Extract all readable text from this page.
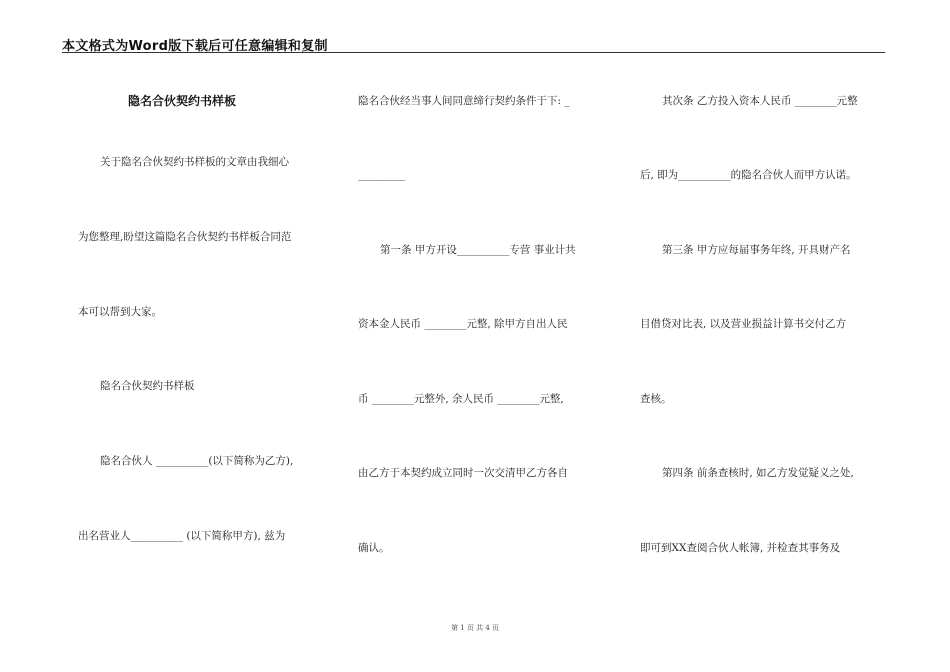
本文格式为Word版下载后可任意编辑和复制
隐名合伙契约书样板
关于隐名合伙契约书样板的文章由我细心
为您整理,盼望这篇隐名合伙契约书样板合同范
本可以帮到大家。
隐名合伙契约书样板
隐名合伙人 __________(以下简称为乙方),
出名营业人__________ (以下简称甲方), 兹为
隐名合伙经当事人间同意缔行契约条件于下: _
_________
第一条 甲方开设__________专营 事业计共
资本金人民币 ________元整, 除甲方自出人民
币 ________元整外, 余人民币 ________元整,
由乙方于本契约成立同时一次交清甲乙方各自
确认。
其次条 乙方投入资本人民币 ________元整
后, 即为__________的隐名合伙人而甲方认诺。
第三条 甲方应每届事务年终, 开具财产名
目借贷对比表, 以及营业损益计算书交付乙方
查核。
第四条 前条查核时, 如乙方发觉疑义之处,
即可到XX查阅合伙人帐簿, 并检查其事务及
第 1 页 共 4 页
